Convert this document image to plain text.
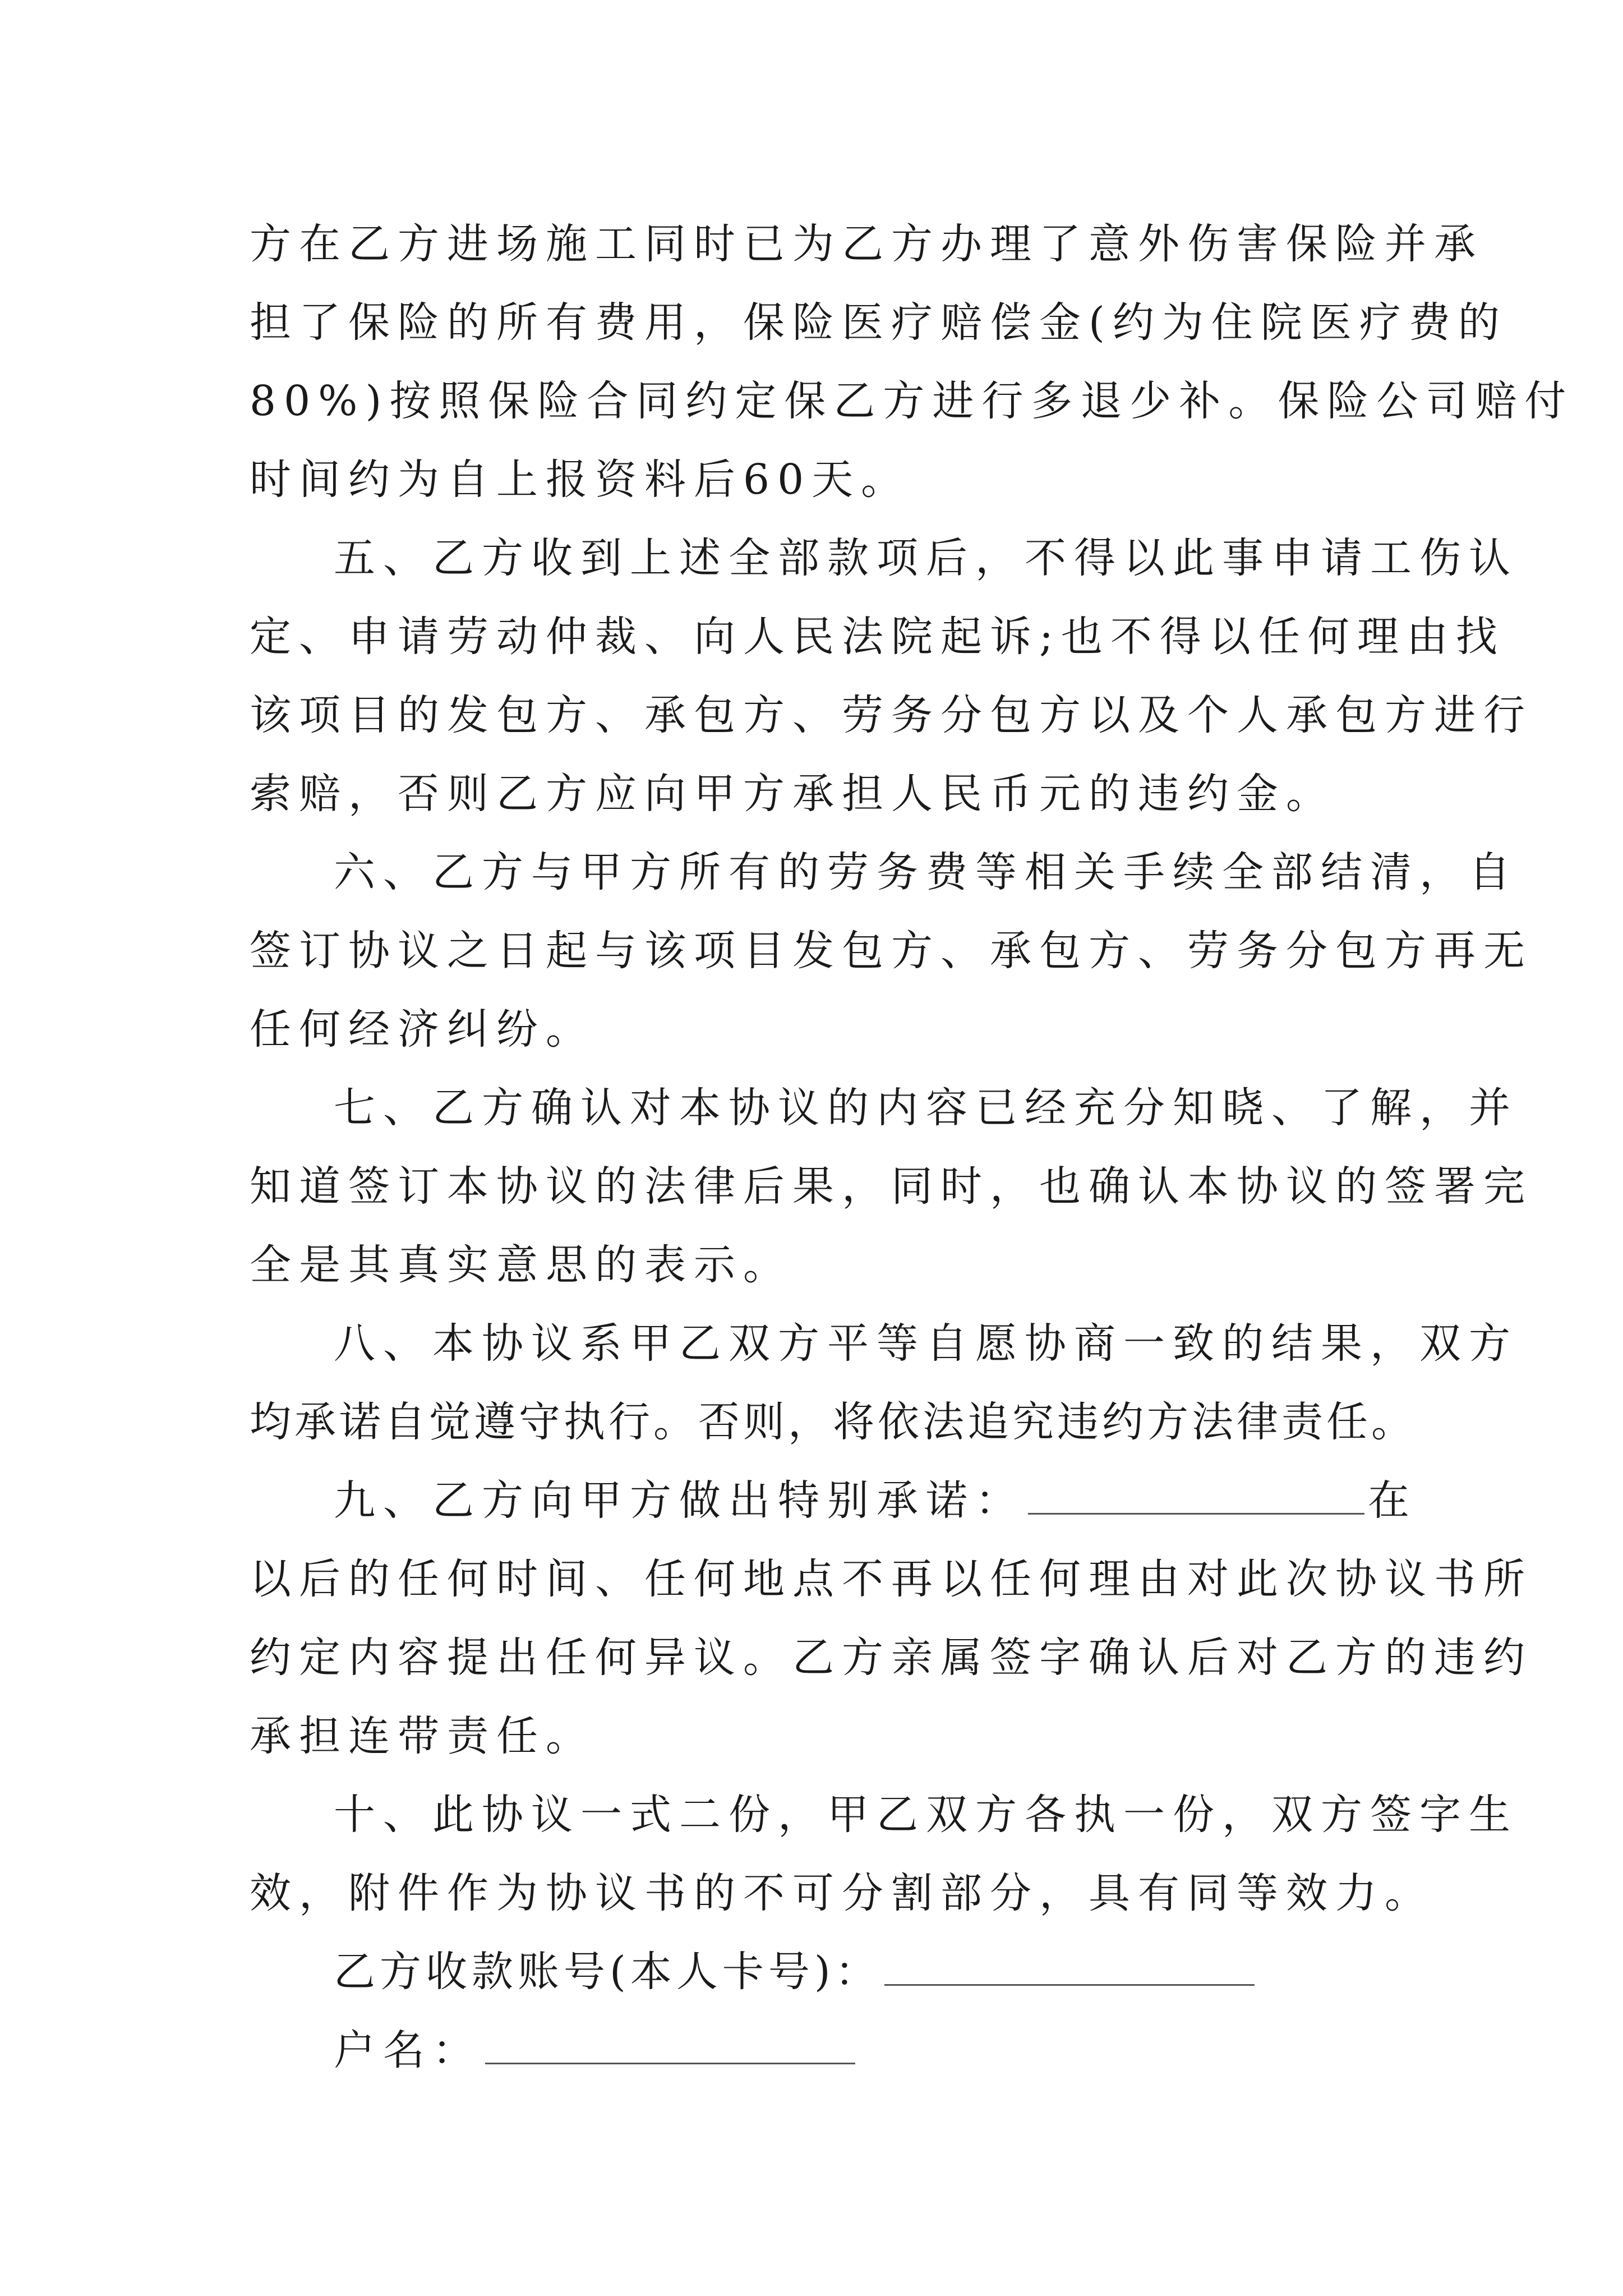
方在乙方进场施工同时已为乙方办理了意外伤害保险并承
担了保险的所有费用，保险医疗赔偿金(约为住院医疗费的
80%)按照保险合同约定保乙方进行多退少补。保险公司赔付
时间约为自上报资料后60天。
五、乙方收到上述全部款项后，不得以此事申请工伤认
定、申请劳动仲裁、向人民法院起诉;也不得以任何理由找
该项目的发包方、承包方、劳务分包方以及个人承包方进行
索赔，否则乙方应向甲方承担人民币元的违约金。
六、乙方与甲方所有的劳务费等相关手续全部结清，自
签订协议之日起与该项目发包方、承包方、劳务分包方再无
任何经济纠纷。
七、乙方确认对本协议的内容已经充分知晓、了解，并
知道签订本协议的法律后果，同时，也确认本协议的签署完
全是其真实意思的表示。
八、本协议系甲乙双方平等自愿协商一致的结果，双方
均承诺自觉遵守执行。否则，将依法追究违约方法律责任。
九、乙方向甲方做出特别承诺：	在
以后的任何时间、任何地点不再以任何理由对此次协议书所
约定内容提出任何异议。乙方亲属签字确认后对乙方的违约
承担连带责任。
十、此协议一式二份，甲乙双方各执一份，双方签字生
效，附件作为协议书的不可分割部分，具有同等效力。
乙方收款账号(本人卡号)：
户名：
